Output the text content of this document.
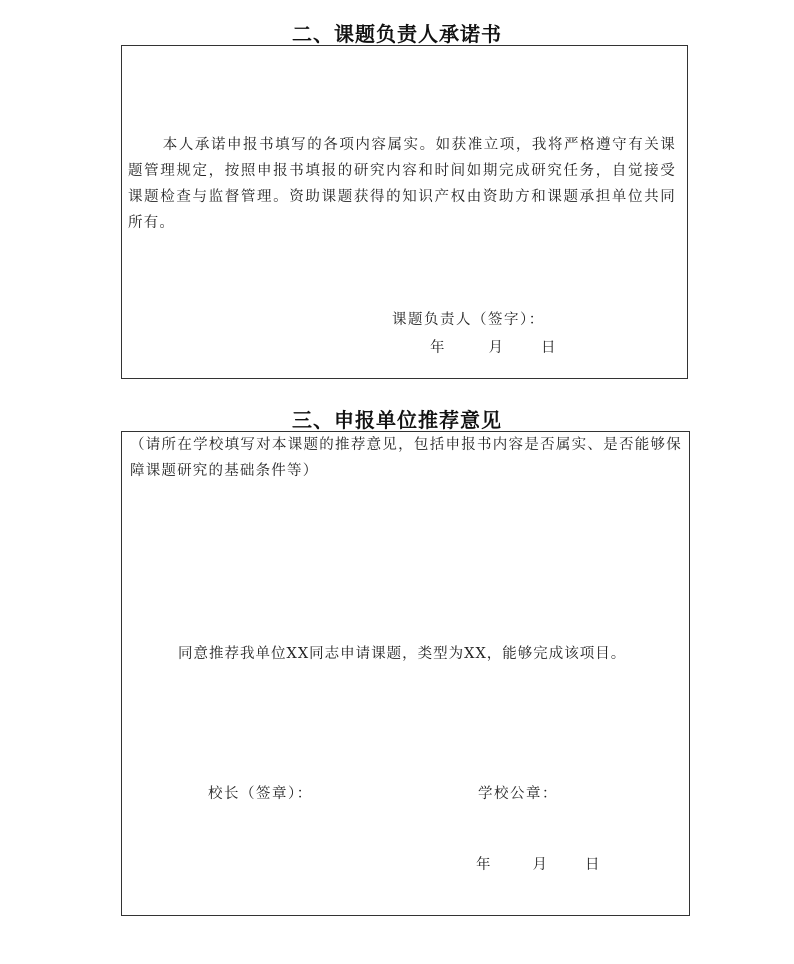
二、课题负责人承诺书
本人承诺申报书填写的各项内容属实。如获准立项，我将严格遵守有关课题管理规定，按照申报书填报的研究内容和时间如期完成研究任务，自觉接受课题检查与监督管理。资助课题获得的知识产权由资助方和课题承担单位共同所有。
课题负责人（签字）：
年	月	日
三、申报单位推荐意见
（请所在学校填写对本课题的推荐意见，包括申报书内容是否属实、是否能够保障课题研究的基础条件等）
同意推荐我单位XX同志申请课题，类型为XX，能够完成该项目。
校长（签章）：	学校公章：
年	月	日
